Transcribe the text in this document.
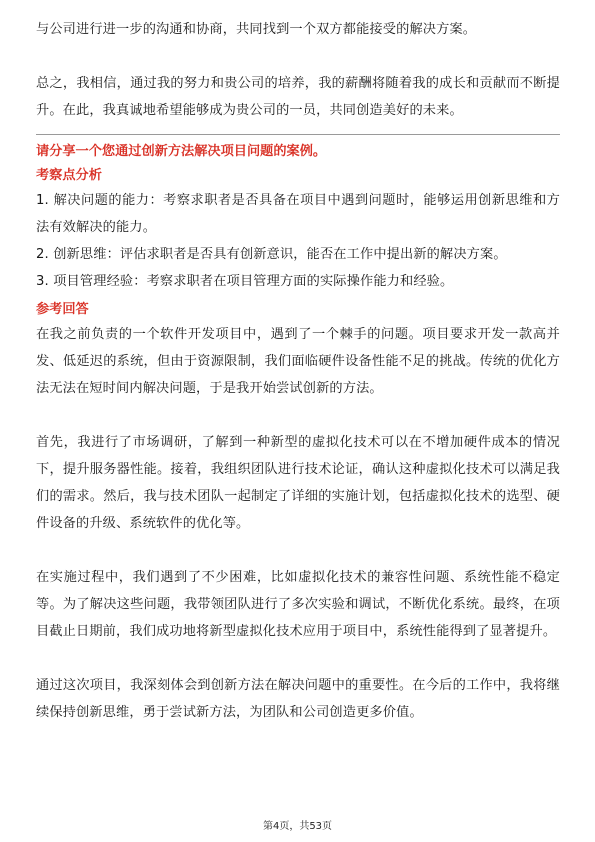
与公司进行进一步的沟通和协商，共同找到一个双方都能接受的解决方案。

总之，我相信，通过我的努力和贵公司的培养，我的薪酬将随着我的成长和贡献而不断提升。在此，我真诚地希望能够成为贵公司的一员，共同创造美好的未来。

请分享一个您通过创新方法解决项目问题的案例。
考察点分析

1. 解决问题的能力：考察求职者是否具备在项目中遇到问题时，能够运用创新思维和方法有效解决的能力。

2. 创新思维：评估求职者是否具有创新意识，能否在工作中提出新的解决方案。

3. 项目管理经验：考察求职者在项目管理方面的实际操作能力和经验。

参考回答

在我之前负责的一个软件开发项目中，遇到了一个棘手的问题。项目要求开发一款高并发、低延迟的系统，但由于资源限制，我们面临硬件设备性能不足的挑战。传统的优化方法无法在短时间内解决问题，于是我开始尝试创新的方法。

首先，我进行了市场调研，了解到一种新型的虚拟化技术可以在不增加硬件成本的情况下，提升服务器性能。接着，我组织团队进行技术论证，确认这种虚拟化技术可以满足我们的需求。然后，我与技术团队一起制定了详细的实施计划，包括虚拟化技术的选型、硬件设备的升级、系统软件的优化等。

在实施过程中，我们遇到了不少困难，比如虚拟化技术的兼容性问题、系统性能不稳定等。为了解决这些问题，我带领团队进行了多次实验和调试，不断优化系统。最终，在项目截止日期前，我们成功地将新型虚拟化技术应用于项目中，系统性能得到了显著提升。

通过这次项目，我深刻体会到创新方法在解决问题中的重要性。在今后的工作中，我将继续保持创新思维，勇于尝试新方法，为团队和公司创造更多价值。

第4页，共53页
